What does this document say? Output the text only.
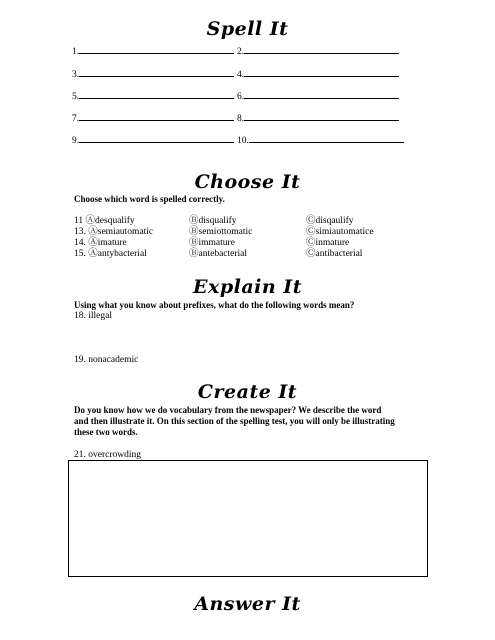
Spell It
1.	2.
3.	4.
5.	6.
7.	8.
9.	10.
Choose It
Choose which word is spelled correctly.
11 Ⓐdesqualify	Ⓑdisqualify	Ⓒdisqaulify
13. Ⓐsemiautomatic	Ⓑsemiottomatic	Ⓒsimiautomatice
14. Ⓐimature	Ⓑimmature	Ⓒinmature
15. Ⓐantybacterial	Ⓑantebacterial	Ⓒantibacterial
Explain It
Using what you know about prefixes, what do the following words mean?
18. illegal
19. nonacademic
Create It
Do you know how we do vocabulary from the newspaper? We describe the word
and then illustrate it. On this section of the spelling test, you will only be illustrating
these two words.
21. overcrowding
Answer It
